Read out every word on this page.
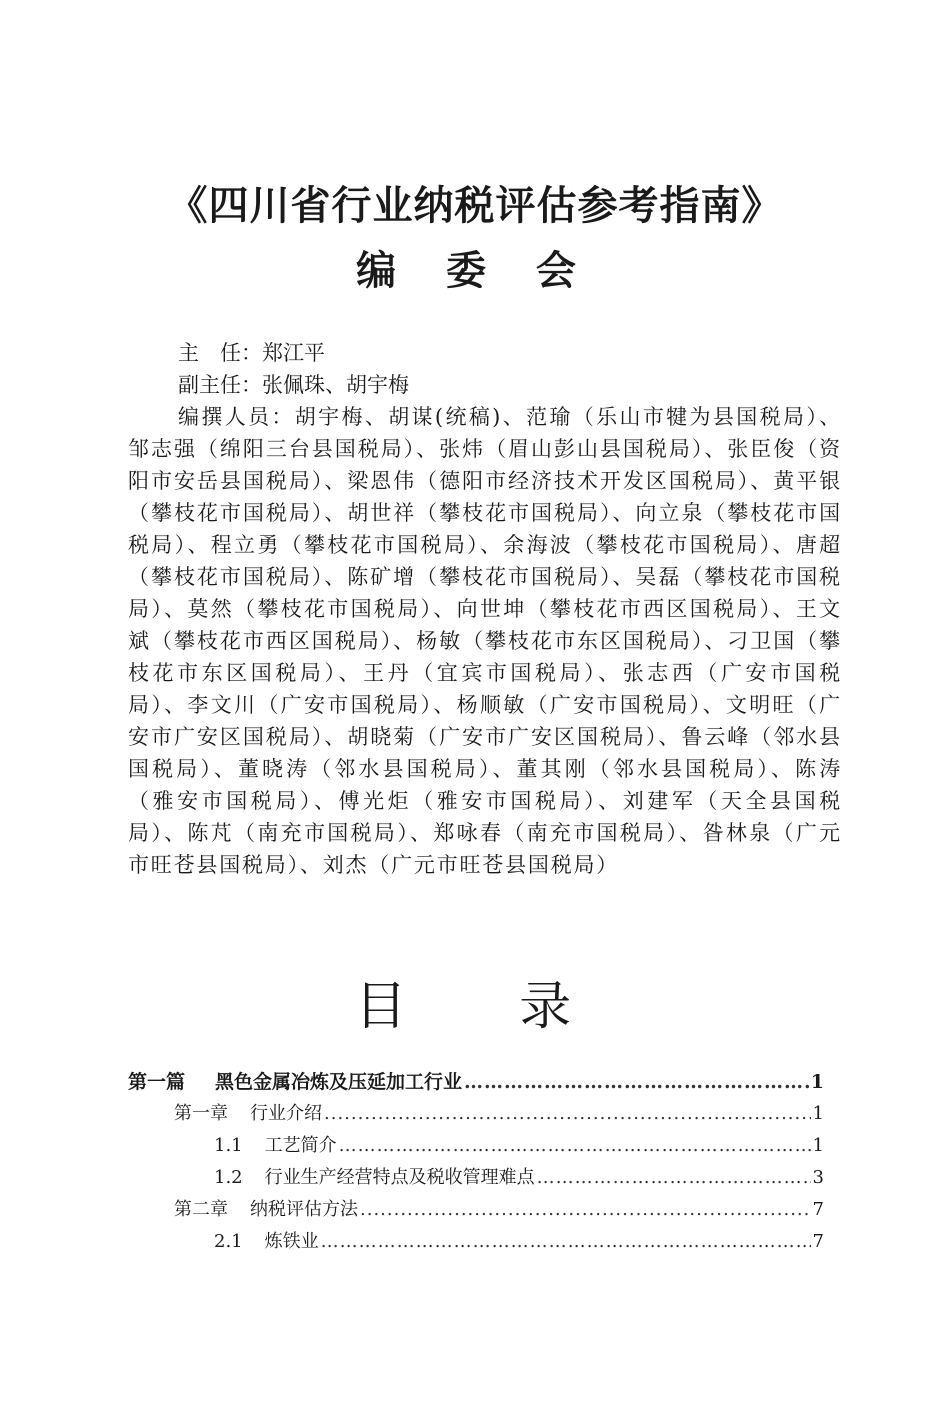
《四川省行业纳税评估参考指南》
编 委 会
主　任：郑江平
副主任：张佩珠、胡宇梅
编撰人员：胡宇梅、胡谋(统稿)、范瑜（乐山市犍为县国税局）、邹志强（绵阳三台县国税局）、张炜（眉山彭山县国税局）、张臣俊（资阳市安岳县国税局）、梁恩伟（德阳市经济技术开发区国税局）、黄平银（攀枝花市国税局）、胡世祥（攀枝花市国税局）、向立泉（攀枝花市国税局）、程立勇（攀枝花市国税局）、余海波（攀枝花市国税局）、唐超（攀枝花市国税局）、陈矿增（攀枝花市国税局）、吴磊（攀枝花市国税局）、莫然（攀枝花市国税局）、向世坤（攀枝花市西区国税局）、王文斌（攀枝花市西区国税局）、杨敏（攀枝花市东区国税局）、刁卫国（攀枝花市东区国税局）、王丹（宜宾市国税局）、张志西（广安市国税局）、李文川（广安市国税局）、杨顺敏（广安市国税局）、文明旺（广安市广安区国税局）、胡晓菊（广安市广安区国税局）、鲁云峰（邻水县国税局）、董晓涛（邻水县国税局）、董其刚（邻水县国税局）、陈涛（雅安市国税局）、傅光炬（雅安市国税局）、刘建军（天全县国税局）、陈芃（南充市国税局）、郑咏春（南充市国税局）、昝林泉（广元市旺苍县国税局）、刘杰（广元市旺苍县国税局）
目 录
第一篇	黑色金属冶炼及压延加工行业 ……………………………………………………………………………………………………………………………………………	1
第一章	行业介绍 .....	1
1.1	工艺简介 ……………………………………………………………………………………………………………………………………………	1
1.2	行业生产经营特点及税收管理难点 ……………………………………………………………………………………………………………………………………………	3
第二章	纳税评估方法 .....	7
2.1	炼铁业 ……………………………………………………………………………………………………………………………………………	7
